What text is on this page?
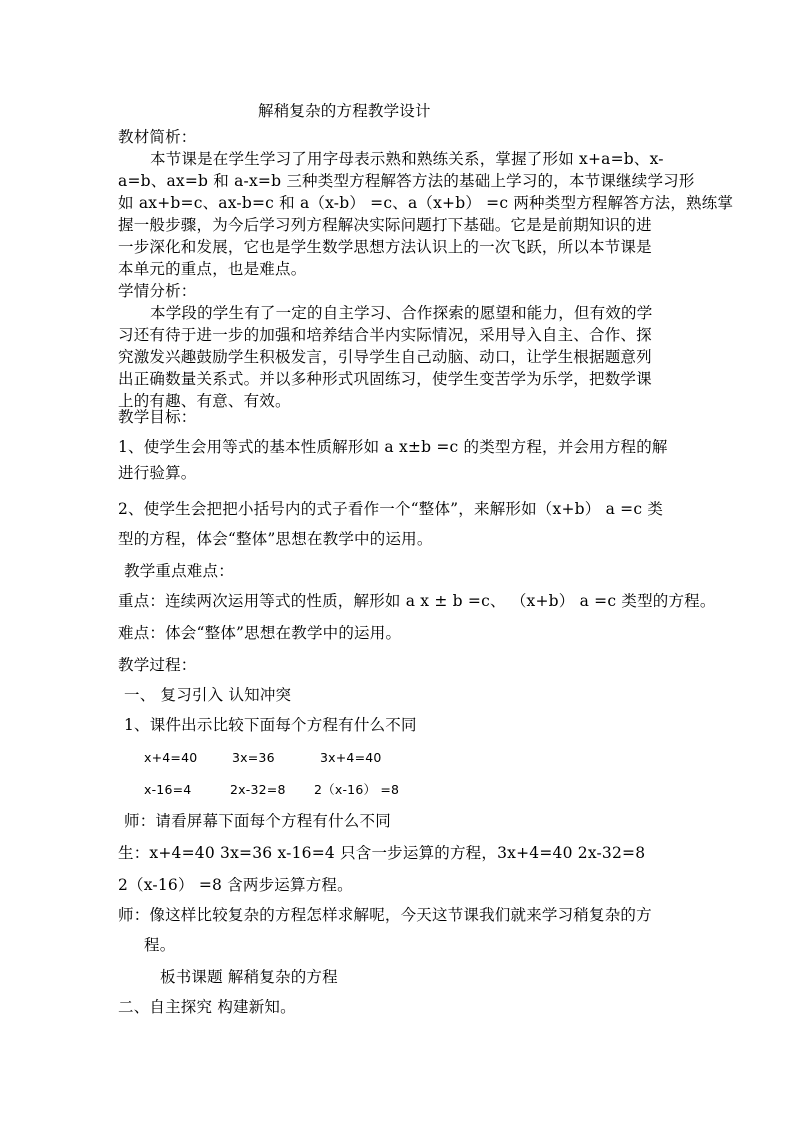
解稍复杂的方程教学设计
教材简析：
本节课是在学生学习了用字母表示熟和熟练关系，掌握了形如 x+a=b、x-
a=b、ax=b 和 a-x=b 三种类型方程解答方法的基础上学习的，本节课继续学习形
如 ax+b=c、ax-b=c 和 a（x-b） =c、a（x+b） =c 两种类型方程解答方法，熟练掌
握一般步骤，为今后学习列方程解决实际问题打下基础。它是是前期知识的进
一步深化和发展，它也是学生数学思想方法认识上的一次飞跃，所以本节课是
本单元的重点，也是难点。
学情分析：
本学段的学生有了一定的自主学习、合作探索的愿望和能力，但有效的学
习还有待于进一步的加强和培养结合半内实际情况，采用导入自主、合作、探
究激发兴趣鼓励学生积极发言，引导学生自己动脑、动口，让学生根据题意列
出正确数量关系式。并以多种形式巩固练习，使学生变苦学为乐学，把数学课
上的有趣、有意、有效。
教学目标：
1、使学生会用等式的基本性质解形如 a x±b =c 的类型方程，并会用方程的解
进行验算。
2、使学生会把把小括号内的式子看作一个“整体”，来解形如（x+b） a =c 类
型的方程，体会“整体”思想在教学中的运用。
教学重点难点：
重点：连续两次运用等式的性质，解形如 a x ± b =c、 （x+b） a =c 类型的方程。
难点：体会“整体”思想在教学中的运用。
教学过程：
一、 复习引入 认知冲突
1、课件出示比较下面每个方程有什么不同
x+4=40	3x=36	3x+4=40
x-16=4	2x-32=8 2（x-16） =8
师：请看屏幕下面每个方程有什么不同
生：x+4=40 3x=36 x-16=4 只含一步运算的方程，3x+4=40 2x-32=8
2（x-16） =8 含两步运算方程。
师：像这样比较复杂的方程怎样求解呢，今天这节课我们就来学习稍复杂的方
程。
板书课题 解稍复杂的方程
二、自主探究 构建新知。
